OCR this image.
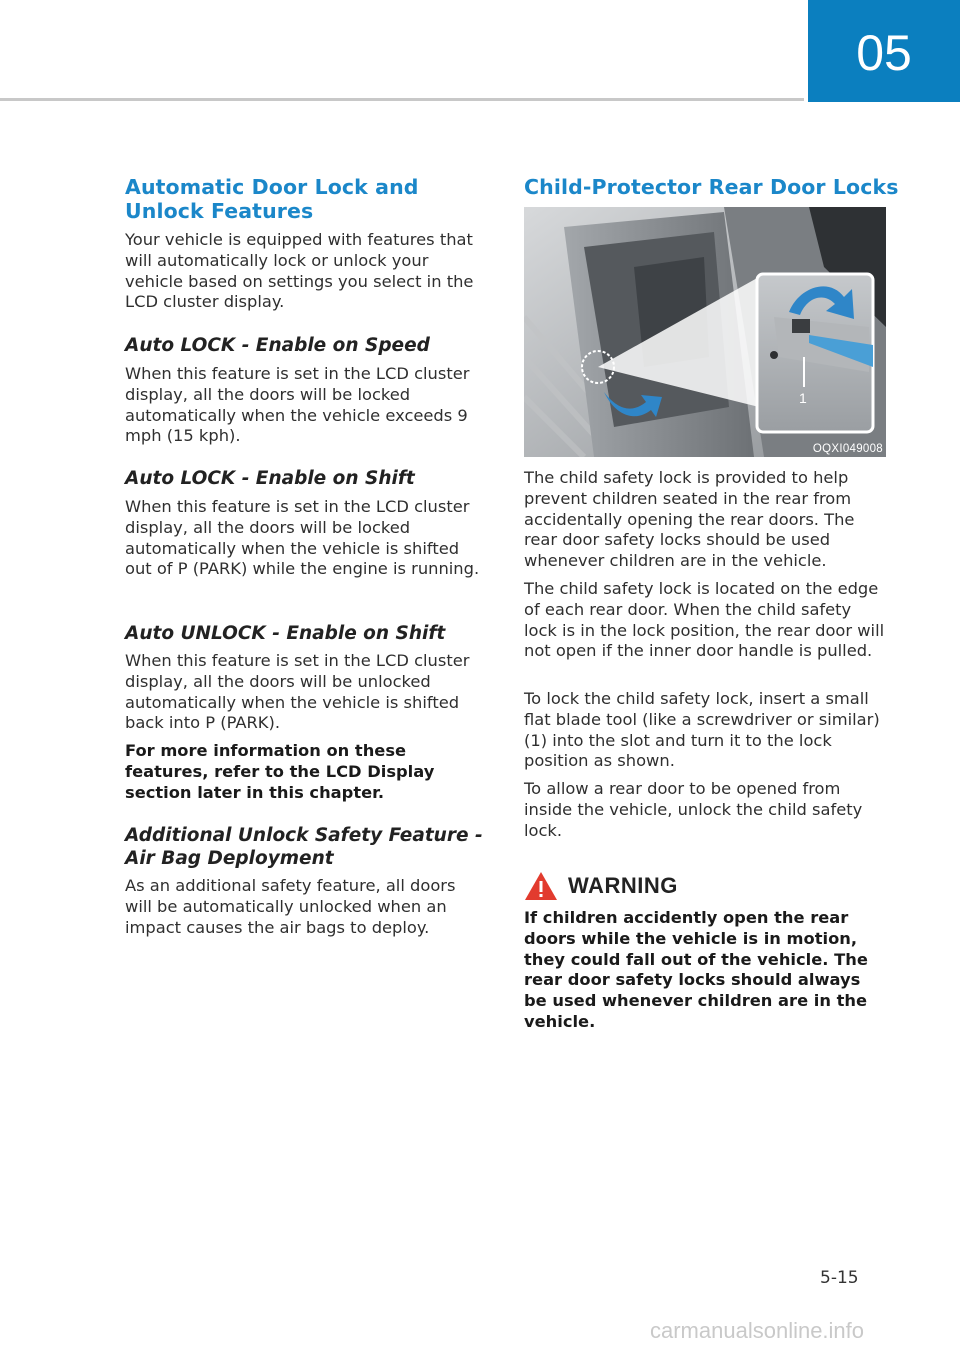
05
Automatic Door Lock and Unlock Features

Your vehicle is equipped with features that will automatically lock or unlock your vehicle based on settings you select in the LCD cluster display.

Auto LOCK - Enable on Speed

When this feature is set in the LCD cluster display, all the doors will be locked automatically when the vehicle exceeds 9 mph (15 kph).

Auto LOCK - Enable on Shift

When this feature is set in the LCD cluster display, all the doors will be locked automatically when the vehicle is shifted out of P (PARK) while the engine is running.

Auto UNLOCK - Enable on Shift

When this feature is set in the LCD cluster display, all the doors will be unlocked automatically when the vehicle is shifted back into P (PARK).

For more information on these features, refer to the LCD Display section later in this chapter.

Additional Unlock Safety Feature - Air Bag Deployment

As an additional safety feature, all doors will be automatically unlocked when an impact causes the air bags to deploy.

Child-Protector Rear Door Locks
1
OQXI049008

The child safety lock is provided to help prevent children seated in the rear from accidentally opening the rear doors. The rear door safety locks should be used whenever children are in the vehicle.

The child safety lock is located on the edge of each rear door. When the child safety lock is in the lock position, the rear door will not open if the inner door handle is pulled.

To lock the child safety lock, insert a small flat blade tool (like a screwdriver or similar) (1) into the slot and turn it to the lock position as shown.

To allow a rear door to be opened from inside the vehicle, unlock the child safety lock.

WARNING

If children accidently open the rear doors while the vehicle is in motion, they could fall out of the vehicle. The rear door safety locks should always be used whenever children are in the vehicle.

5-15
carmanualsonline.info
